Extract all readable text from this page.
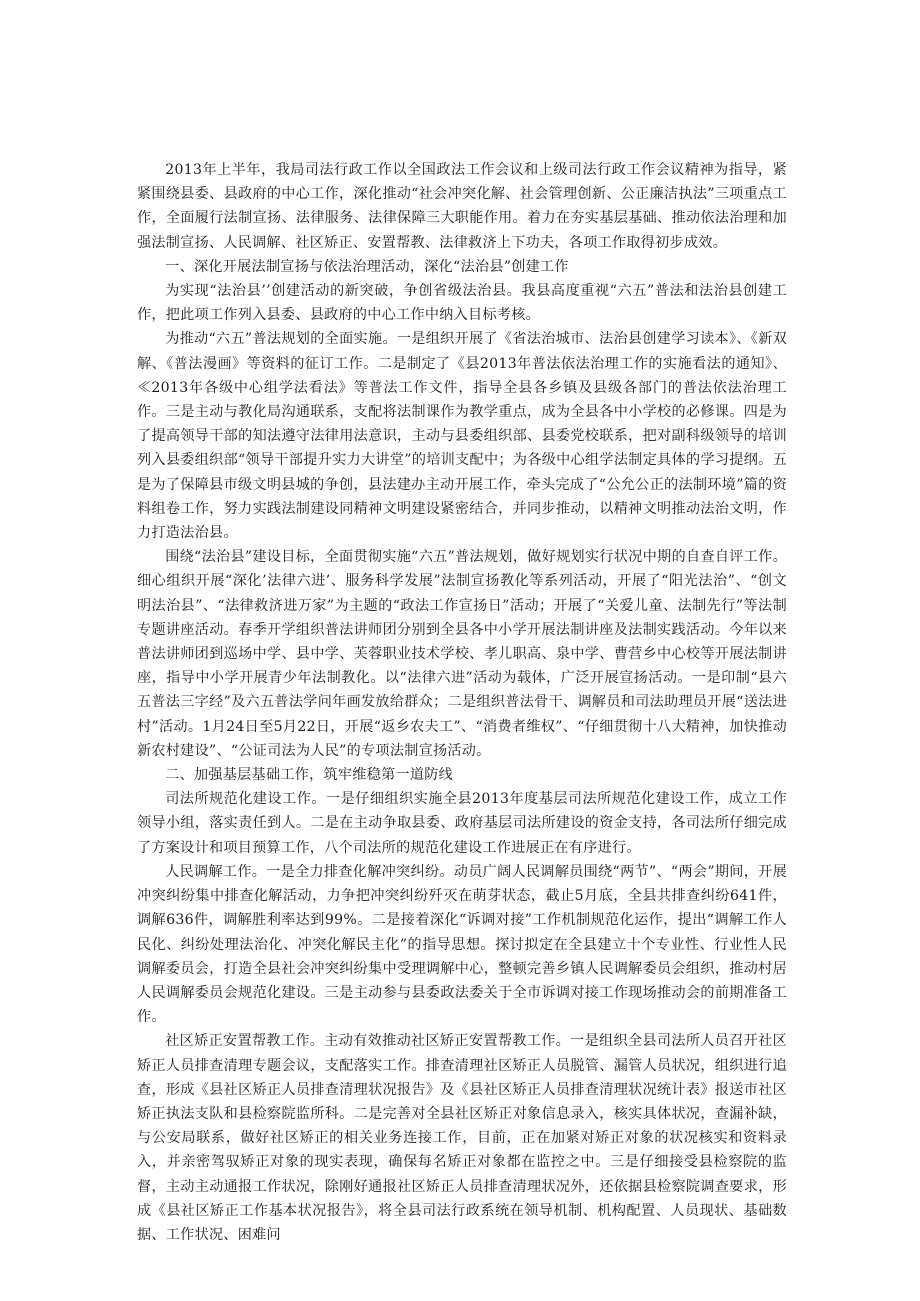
2013年上半年，我局司法行政工作以全国政法工作会议和上级司法行政工作会议精神为指导，紧紧围绕县委、县政府的中心工作，深化推动“社会冲突化解、社会管理创新、公正廉洁执法”三项重点工作，全面履行法制宣扬、法律服务、法律保障三大职能作用。着力在夯实基层基础、推动依法治理和加强法制宣扬、人民调解、社区矫正、安置帮教、法律救济上下功夫，各项工作取得初步成效。

一、深化开展法制宣扬与依法治理活动，深化“法治县”创建工作

为实现“法治县’’创建活动的新突破，争创省级法治县。我县高度重视“六五”普法和法治县创建工作，把此项工作列入县委、县政府的中心工作中纳入目标考核。

为推动“六五”普法规划的全面实施。一是组织开展了《省法治城市、法治县创建学习读本》、《新双解、《普法漫画》等资料的征订工作。二是制定了《县2013年普法依法治理工作的实施看法的通知》、≪2013年各级中心组学法看法》等普法工作文件，指导全县各乡镇及县级各部门的普法依法治理工作。三是主动与教化局沟通联系，支配将法制课作为教学重点，成为全县各中小学校的必修课。四是为了提高领导干部的知法遵守法律用法意识，主动与县委组织部、县委党校联系，把对副科级领导的培训列入县委组织部“领导干部提升实力大讲堂”的培训支配中；为各级中心组学法制定具体的学习提纲。五是为了保障县市级文明县城的争创，县法建办主动开展工作，牵头完成了“公允公正的法制环境”篇的资料组卷工作，努力实践法制建设同精神文明建设紧密结合，并同步推动，以精神文明推动法治文明，作力打造法治县。

围绕“法治县”建设目标，全面贯彻实施“六五”普法规划，做好规划实行状况中期的自查自评工作。细心组织开展“深化’法律六进’、服务科学发展”法制宣扬教化等系列活动，开展了“阳光法治”、“创文明法治县”、“法律救济进万家”为主题的“政法工作宣扬日”活动；开展了“关爱儿童、法制先行”等法制专题讲座活动。春季开学组织普法讲师团分别到全县各中小学开展法制讲座及法制实践活动。今年以来普法讲师团到巡场中学、县中学、芙蓉职业技术学校、孝儿职高、泉中学、曹营乡中心校等开展法制讲座，指导中小学开展青少年法制教化。以“法律六进”活动为载体，广泛开展宣扬活动。一是印制“县六五普法三字经”及六五普法学问年画发放给群众；二是组织普法骨干、调解员和司法助理员开展“送法进村”活动。1月24日至5月22日，开展“返乡农夫工”、“消费者维权”、“仔细贯彻十八大精神，加快推动新农村建设”、“公证司法为人民”的专项法制宣扬活动。

二、加强基层基础工作，筑牢维稳第一道防线

司法所规范化建设工作。一是仔细组织实施全县2013年度基层司法所规范化建设工作，成立工作领导小组，落实责任到人。二是在主动争取县委、政府基层司法所建设的资金支持，各司法所仔细完成了方案设计和项目预算工作，八个司法所的规范化建设工作进展正在有序进行。

人民调解工作。一是全力排查化解冲突纠纷。动员广阔人民调解员围绕“两节”、“两会”期间，开展冲突纠纷集中排查化解活动，力争把冲突纠纷歼灭在萌芽状态，截止5月底，全县共排查纠纷641件，调解636件，调解胜利率达到99%。二是接着深化“诉调对接”工作机制规范化运作，提出“调解工作人民化、纠纷处理法治化、冲突化解民主化”的指导思想。探讨拟定在全县建立十个专业性、行业性人民调解委员会，打造全县社会冲突纠纷集中受理调解中心，整顿完善乡镇人民调解委员会组织，推动村居人民调解委员会规范化建设。三是主动参与县委政法委关于全市诉调对接工作现场推动会的前期准备工作。

社区矫正安置帮教工作。主动有效推动社区矫正安置帮教工作。一是组织全县司法所人员召开社区矫正人员排查清理专题会议，支配落实工作。排查清理社区矫正人员脱管、漏管人员状况，组织进行追查，形成《县社区矫正人员排查清理状况报告》及《县社区矫正人员排查清理状况统计表》报送市社区矫正执法支队和县检察院监所科。二是完善对全县社区矫正对象信息录入，核实具体状况，查漏补缺，与公安局联系，做好社区矫正的相关业务连接工作，目前，正在加紧对矫正对象的状况核实和资料录入，并亲密驾驭矫正对象的现实表现，确保每名矫正对象都在监控之中。三是仔细接受县检察院的监督，主动主动通报工作状况，除刚好通报社区矫正人员排查清理状况外，还依据县检察院调查要求，形成《县社区矫正工作基本状况报告》，将全县司法行政系统在领导机制、机构配置、人员现状、基础数据、工作状况、困难问
